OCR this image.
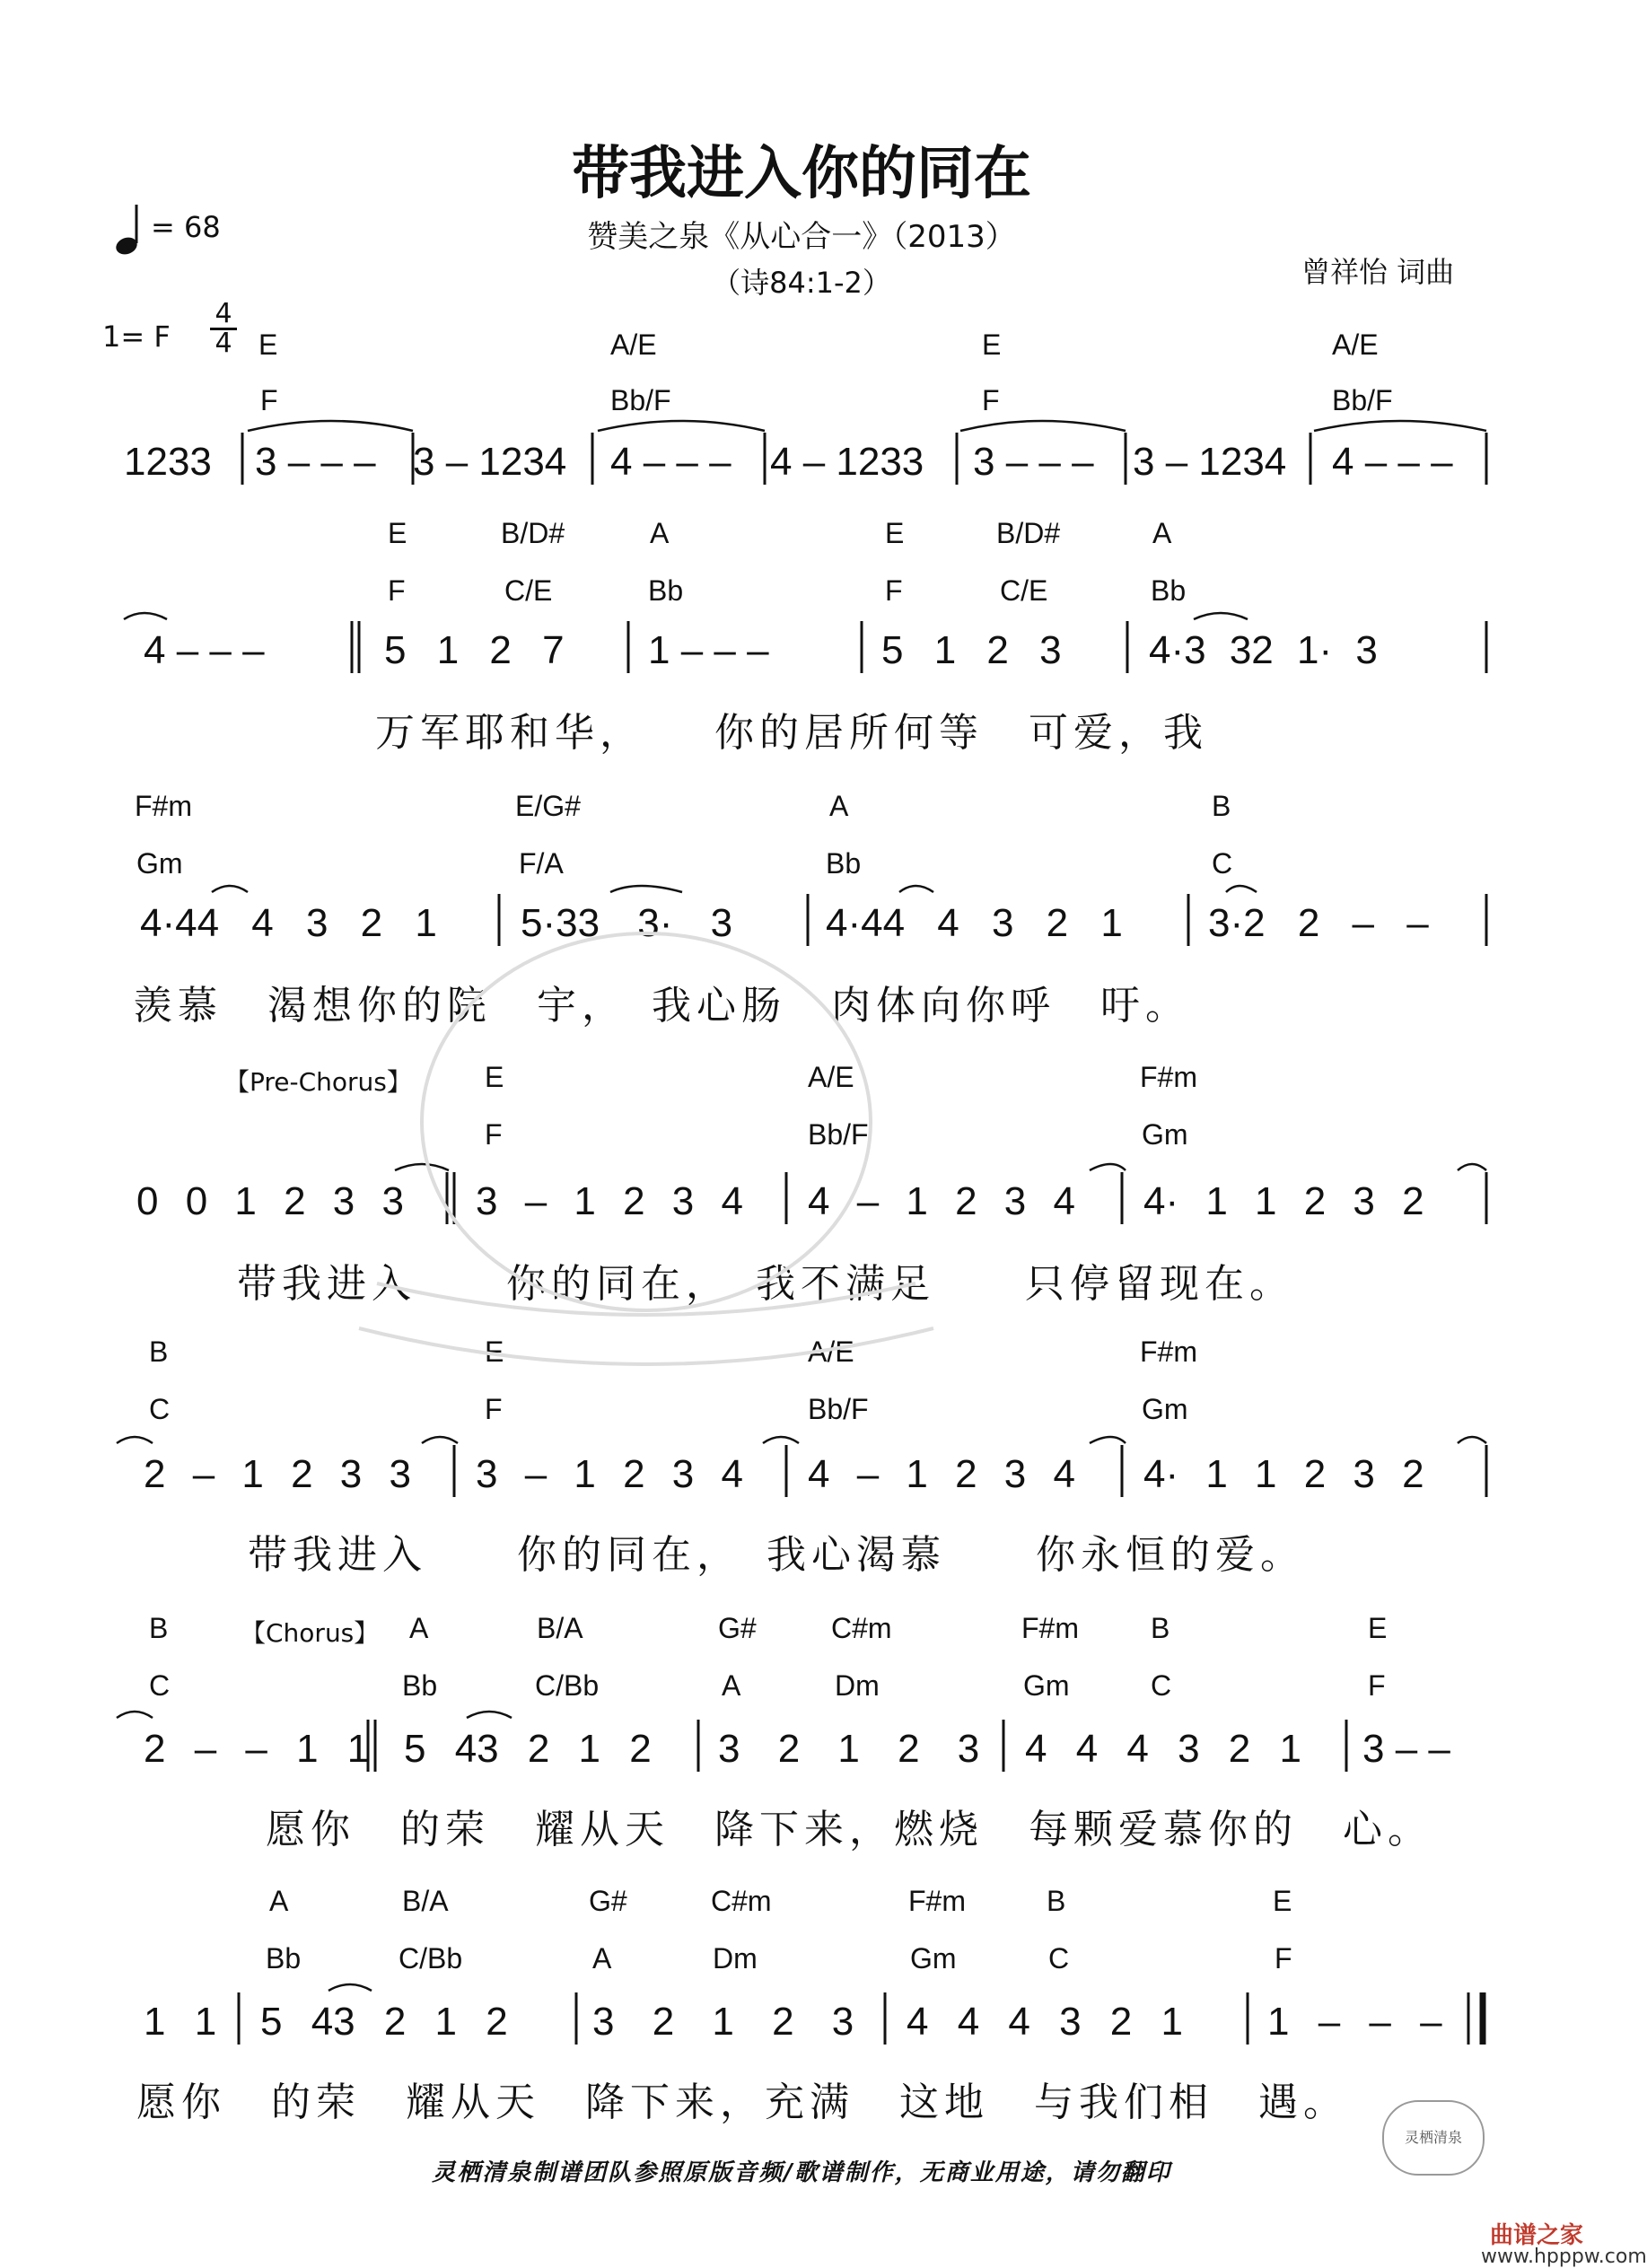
带我进入你的同在
赞美之泉《从心合一》（2013）
（诗84:1-2）
= 68
曾祥怡 词曲
1= F
4
4 E	A/E	E	A/E
F	Bb/F	F	Bb/F
1233 3 – – – 3 – 1234 4 – – – 4 – 1233 3 – – – 3 – 1234 4 – – –
E	B/D#	A	E	B/D#	A
F	C/E	Bb	F	C/E	Bb
4 – – –	5 1 2 7 1 – – –	5 1 2 3 4·3 32 1· 3
万军耶和华，　　你的居所何等　可爱，我
F#m	E/G#	A	B
Gm	F/A	Bb	C
4·44 4 3 2 1 5·33 3· 3 4·44 4 3 2 1 3·2 2 – –
羡慕　渴想你的院　宇，　我心肠　肉体向你呼　吁。
【Pre-Chorus】	E	A/E	F#m
F	Bb/F	Gm
0 0 1 2 3 3 3 – 1 2 3 4 4 – 1 2 3 4 4· 1 1 2 3 2
带我进入　　你的同在，　我不满足　　只停留现在。
B	E	A/E	F#m
C	F	Bb/F	Gm
2 – 1 2 3 3 3 – 1 2 3 4 4 – 1 2 3 4 4· 1 1 2 3 2
带我进入　　你的同在，　我心渴慕　　你永恒的爱。
B	【Chorus】 A	B/A	G#	C#m	F#m	B	E
C	Bb	C/Bb	A	Dm	Gm	C	F
2 – – 1 1 5 43 2 1 2 3 2 1 2 3 4 4 4 3 2 1 3 – –
愿你　的荣　耀从天　降下来，燃烧　每颗爱慕你的　心。
A	B/A	G#	C#m	F#m	B	E
Bb	C/Bb	A	Dm	Gm	C	F
1 1 5 43 2 1 2 3 2 1 2 3 4 4 4 3 2 1 1 – – –
愿你　的荣　耀从天　降下来，充满　这地　与我们相　遇。
灵栖清泉制谱团队参照原版音频/歌谱制作，无商业用途，请勿翻印
灵栖清泉
曲谱之家
www.hpppw.com
